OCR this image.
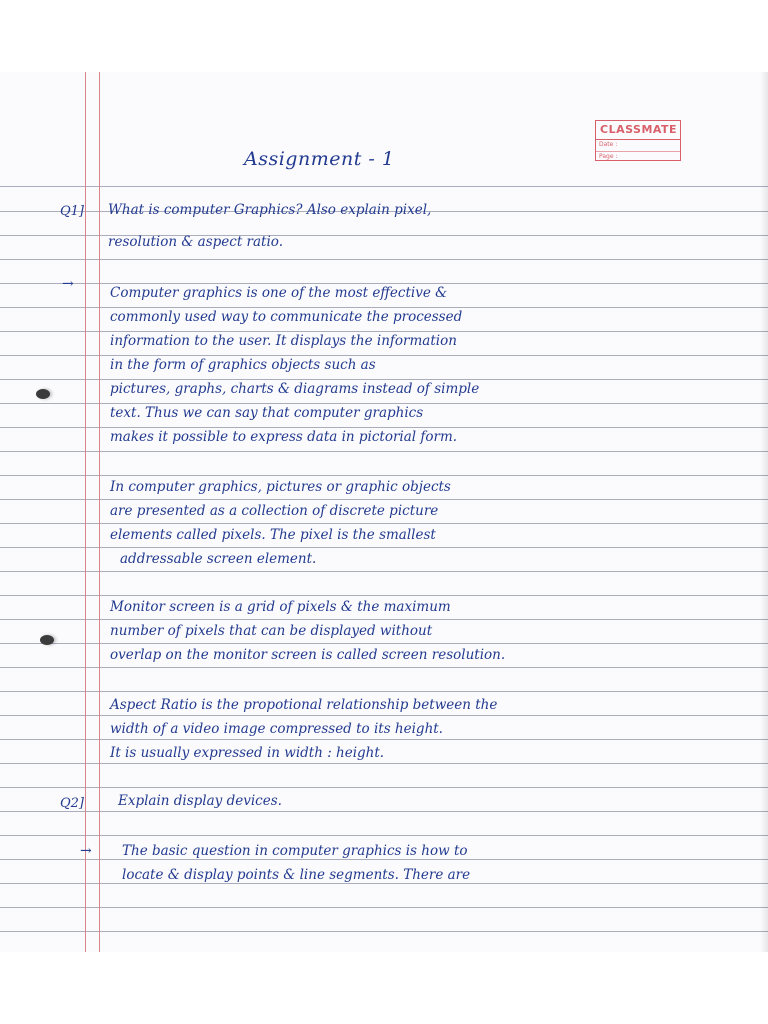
CLASSMATE
Date :
Page :
Assignment - 1
Q1] What is computer Graphics? Also explain pixel,
resolution & aspect ratio.
→
Computer graphics is one of the most effective &
commonly used way to communicate the processed
information to the user. It displays the information
in the form of graphics objects such as
pictures, graphs, charts & diagrams instead of simple
text. Thus we can say that computer graphics
makes it possible to express data in pictorial form.
In computer graphics, pictures or graphic objects
are presented as a collection of discrete picture
elements called pixels. The pixel is the smallest
addressable screen element.
Monitor screen is a grid of pixels & the maximum
number of pixels that can be displayed without
overlap on the monitor screen is called screen resolution.
Aspect Ratio is the propotional relationship between the
width of a video image compressed to its height.
It is usually expressed in width : height.
Q2]	Explain display devices.
→ The basic question in computer graphics is how to
locate & display points & line segments. There are
